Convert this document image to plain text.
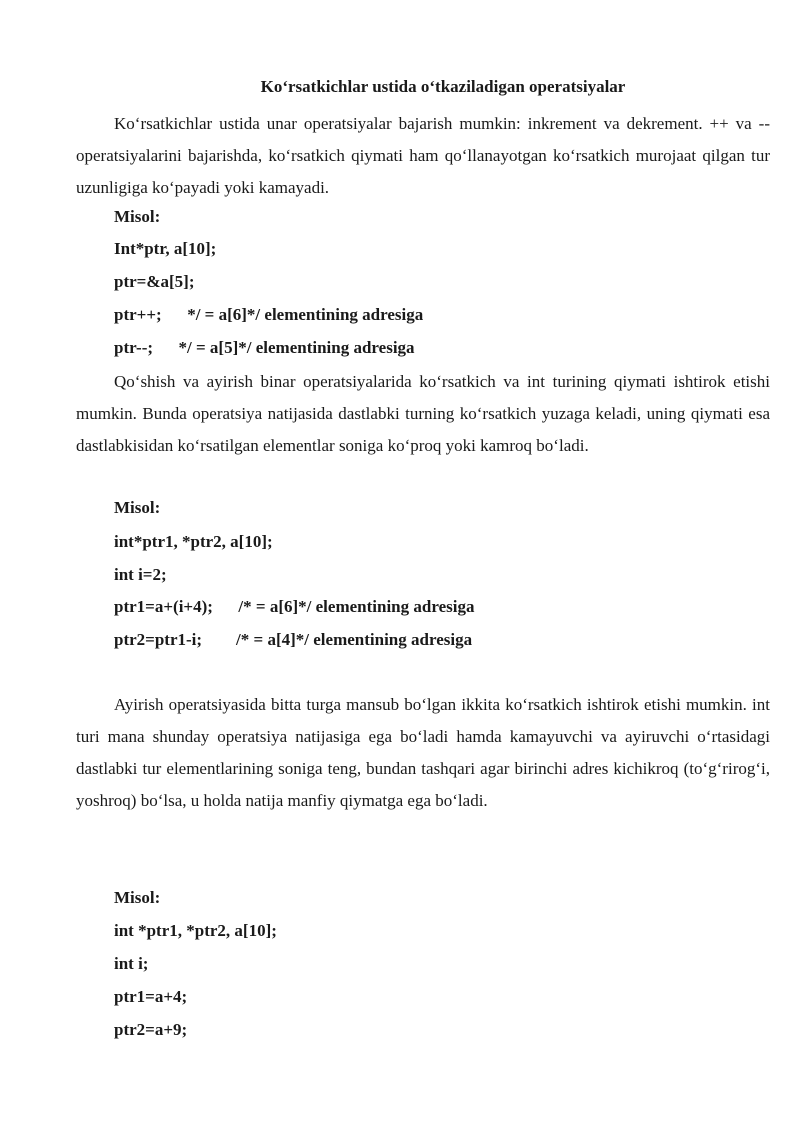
Ko‘rsatkichlar ustida o‘tkaziladigan operatsiyalar

Ko‘rsatkichlar ustida unar operatsiyalar bajarish mumkin: inkrement va dekrement. ++ va -- operatsiyalarini bajarishda, ko‘rsatkich qiymati ham qo‘llanayotgan ko‘rsatkich murojaat qilgan tur uzunligiga ko‘payadi yoki kamayadi.

Misol:
Int*ptr, a[10];
ptr=&a[5];
ptr++;      */ = a[6]*/ elementining adresiga
ptr--;      */ = a[5]*/ elementining adresiga

Qo‘shish va ayirish binar operatsiyalarida ko‘rsatkich va int turining qiymati ishtirok etishi mumkin. Bunda operatsiya natijasida dastlabki turning ko‘rsatkich yuzaga keladi, uning qiymati esa dastlabkisidan ko‘rsatilgan elementlar soniga ko‘proq yoki kamroq bo‘ladi.

Misol:
int*ptr1, *ptr2, a[10];
int i=2;
ptr1=a+(i+4);      /* = a[6]*/ elementining adresiga
ptr2=ptr1-i;        /* = a[4]*/ elementining adresiga

Ayirish operatsiyasida bitta turga mansub bo‘lgan ikkita ko‘rsatkich ishtirok etishi mumkin. int turi mana shunday operatsiya natijasiga ega bo‘ladi hamda kamayuvchi va ayiruvchi o‘rtasidagi dastlabki tur elementlarining soniga teng, bundan tashqari agar birinchi adres kichikroq (to‘g‘rirog‘i, yoshroq) bo‘lsa, u holda natija manfiy qiymatga ega bo‘ladi.

Misol:
int *ptr1, *ptr2, a[10];
int i;
ptr1=a+4;
ptr2=a+9;
